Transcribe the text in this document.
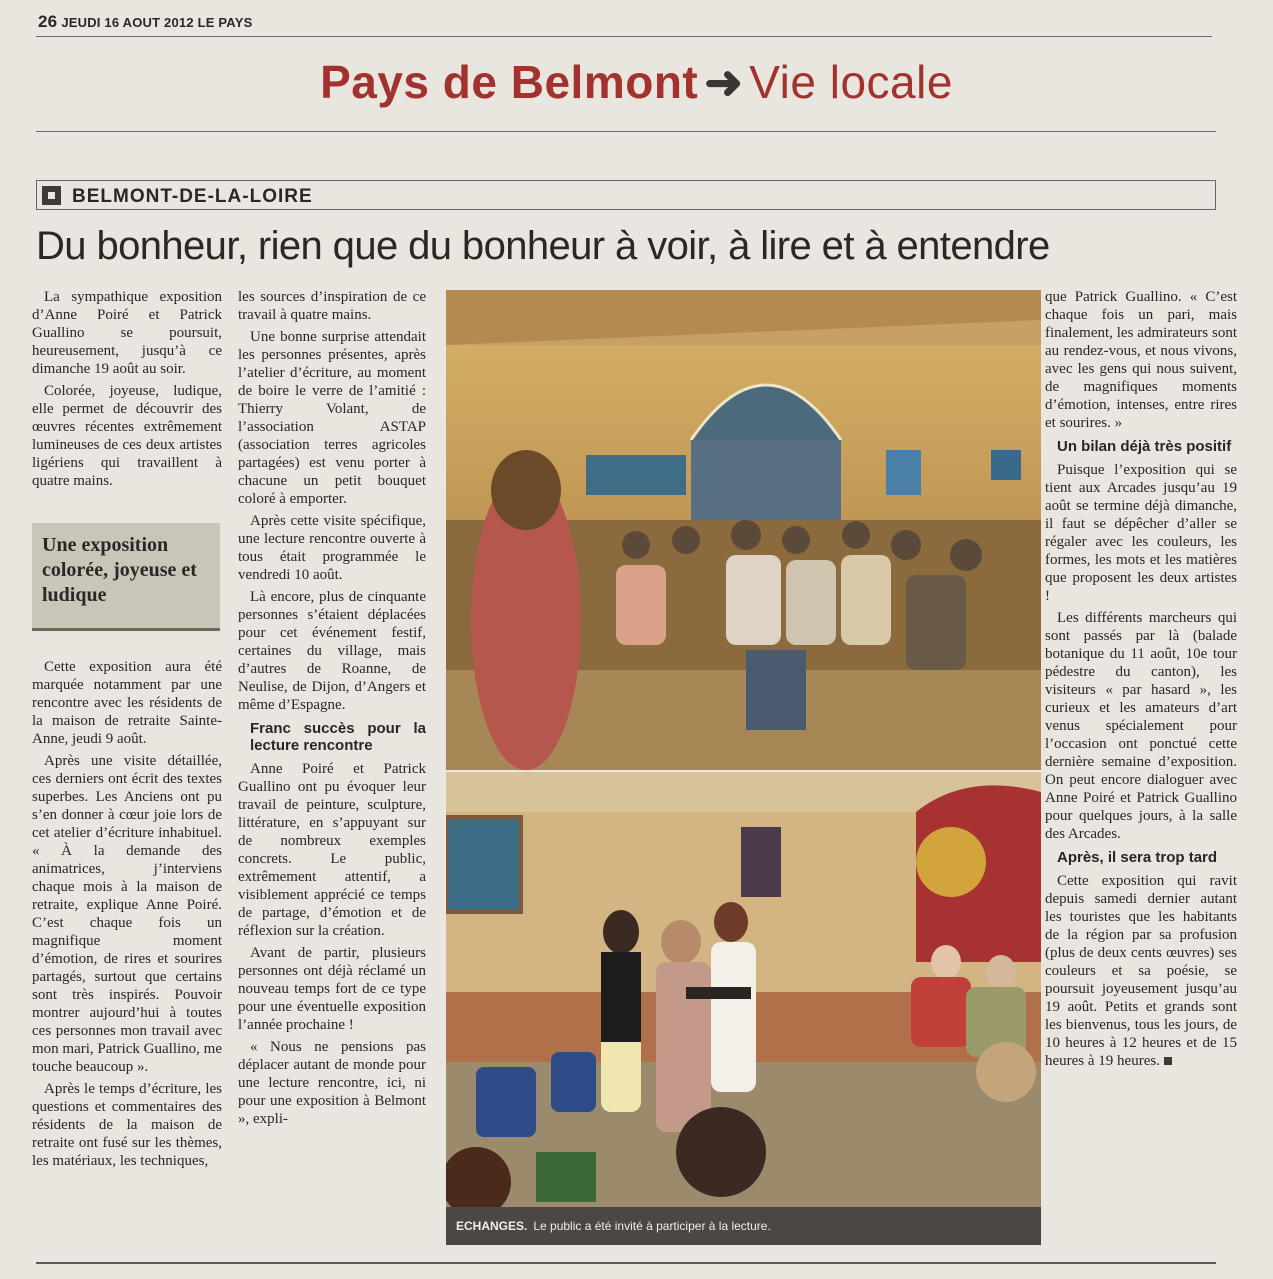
26 JEUDI 16 AOUT 2012 LE PAYS
Pays de Belmont ➜ Vie locale
BELMONT-DE-LA-LOIRE
Du bonheur, rien que du bonheur à voir, à lire et à entendre

La sympathique exposition d’Anne Poiré et Patrick Guallino se poursuit, heureusement, jusqu’à ce dimanche 19 août au soir.

Colorée, joyeuse, ludique, elle permet de découvrir des œuvres récentes extrêmement lumineuses de ces deux artistes ligériens qui travaillent à quatre mains.

Une exposition colorée, joyeuse et ludique

Cette exposition aura été marquée notamment par une rencontre avec les résidents de la maison de retraite Sainte-Anne, jeudi 9 août.

Après une visite détaillée, ces derniers ont écrit des textes superbes. Les Anciens ont pu s’en donner à cœur joie lors de cet atelier d’écriture inhabituel. « À la demande des animatrices, j’interviens chaque mois à la maison de retraite, explique Anne Poiré. C’est chaque fois un magnifique moment d’émotion, de rires et sourires partagés, surtout que certains sont très inspirés. Pouvoir montrer aujourd’hui à toutes ces personnes mon travail avec mon mari, Patrick Guallino, me touche beaucoup ».

Après le temps d’écriture, les questions et commentaires des résidents de la maison de retraite ont fusé sur les thèmes, les matériaux, les techniques,

les sources d’inspiration de ce travail à quatre mains.

Une bonne surprise attendait les personnes présentes, après l’atelier d’écriture, au moment de boire le verre de l’amitié : Thierry Volant, de l’association ASTAP (association terres agricoles partagées) est venu porter à chacune un petit bouquet coloré à emporter.

Après cette visite spécifique, une lecture rencontre ouverte à tous était programmée le vendredi 10 août.

Là encore, plus de cinquante personnes s’étaient déplacées pour cet événement festif, certaines du village, mais d’autres de Roanne, de Neulise, de Dijon, d’Angers et même d’Espagne.

Franc succès pour la lecture rencontre

Anne Poiré et Patrick Guallino ont pu évoquer leur travail de peinture, sculpture, littérature, en s’appuyant sur de nombreux exemples concrets. Le public, extrêmement attentif, a visiblement apprécié ce temps de partage, d’émotion et de réflexion sur la création.

Avant de partir, plusieurs personnes ont déjà réclamé un nouveau temps fort de ce type pour une éventuelle exposition l’année prochaine !

« Nous ne pensions pas déplacer autant de monde pour une lecture rencontre, ici, ni pour une exposition à Belmont », expli-

ECHANGES. Le public a été invité à participer à la lecture.

que Patrick Guallino. « C’est chaque fois un pari, mais finalement, les admirateurs sont au rendez-vous, et nous vivons, avec les gens qui nous suivent, de magnifiques moments d’émotion, intenses, entre rires et sourires. »

Un bilan déjà très positif

Puisque l’exposition qui se tient aux Arcades jusqu’au 19 août se termine déjà dimanche, il faut se dépêcher d’aller se régaler avec les couleurs, les formes, les mots et les matières que proposent les deux artistes !

Les différents marcheurs qui sont passés par là (balade botanique du 11 août, 10e tour pédestre du canton), les visiteurs « par hasard », les curieux et les amateurs d’art venus spécialement pour l’occasion ont ponctué cette dernière semaine d’exposition. On peut encore dialoguer avec Anne Poiré et Patrick Guallino pour quelques jours, à la salle des Arcades.

Après, il sera trop tard

Cette exposition qui ravit depuis samedi dernier autant les touristes que les habitants de la région par sa profusion (plus de deux cents œuvres) ses couleurs et sa poésie, se poursuit joyeusement jusqu’au 19 août. Petits et grands sont les bienvenus, tous les jours, de 10 heures à 12 heures et de 15 heures à 19 heures.
